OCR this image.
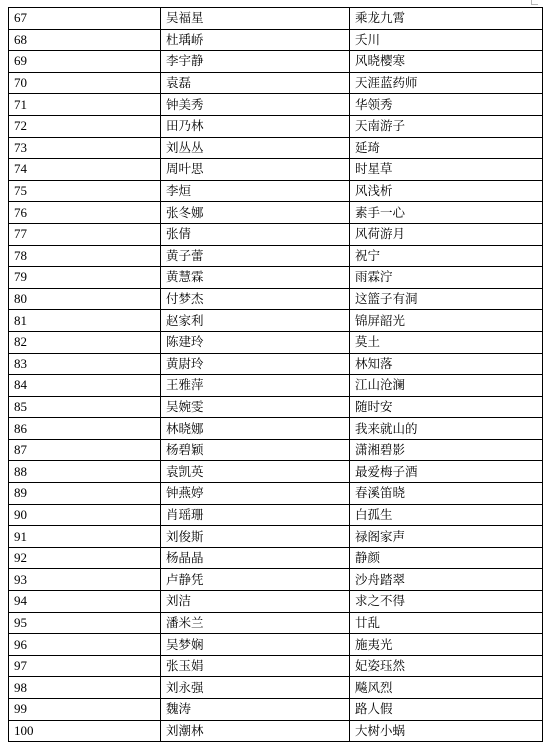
67	吴福星	乘龙九霄
68	杜瑀峤	夭川
69	李宇静	风晓樱寒
70	袁磊	天涯蓝药师
71	钟美秀	华领秀
72	田乃林	天南游子
73	刘丛丛	延琦
74	周叶思	时星草
75	李烜	风浅析
76	张冬娜	素手一心
77	张倩	风荷游月
78	黄子蕾	祝宁
79	黄慧霖	雨霖泞
80	付梦杰	这篮子有洞
81	赵家利	锦屏韶光
82	陈建玲	莫土
83	黄尉玲	林知落
84	王雅萍	江山沧澜
85	吴婉雯	随时安
86	林晓娜	我来就山的
87	杨碧颖	潇湘碧影
88	袁凯英	最爱梅子酒
89	钟燕婷	春溪笛晓
90	肖瑶珊	白孤生
91	刘俊斯	禄阁家声
92	杨晶晶	静颜
93	卢静凭	沙舟踏翠
94	刘洁	求之不得
95	潘米兰	廿乱
96	吴梦娴	施夷光
97	张玉娟	妃姿珏然
98	刘永强	飚风烈
99	魏涛	路人假
100	刘潮林	大树小蜗
